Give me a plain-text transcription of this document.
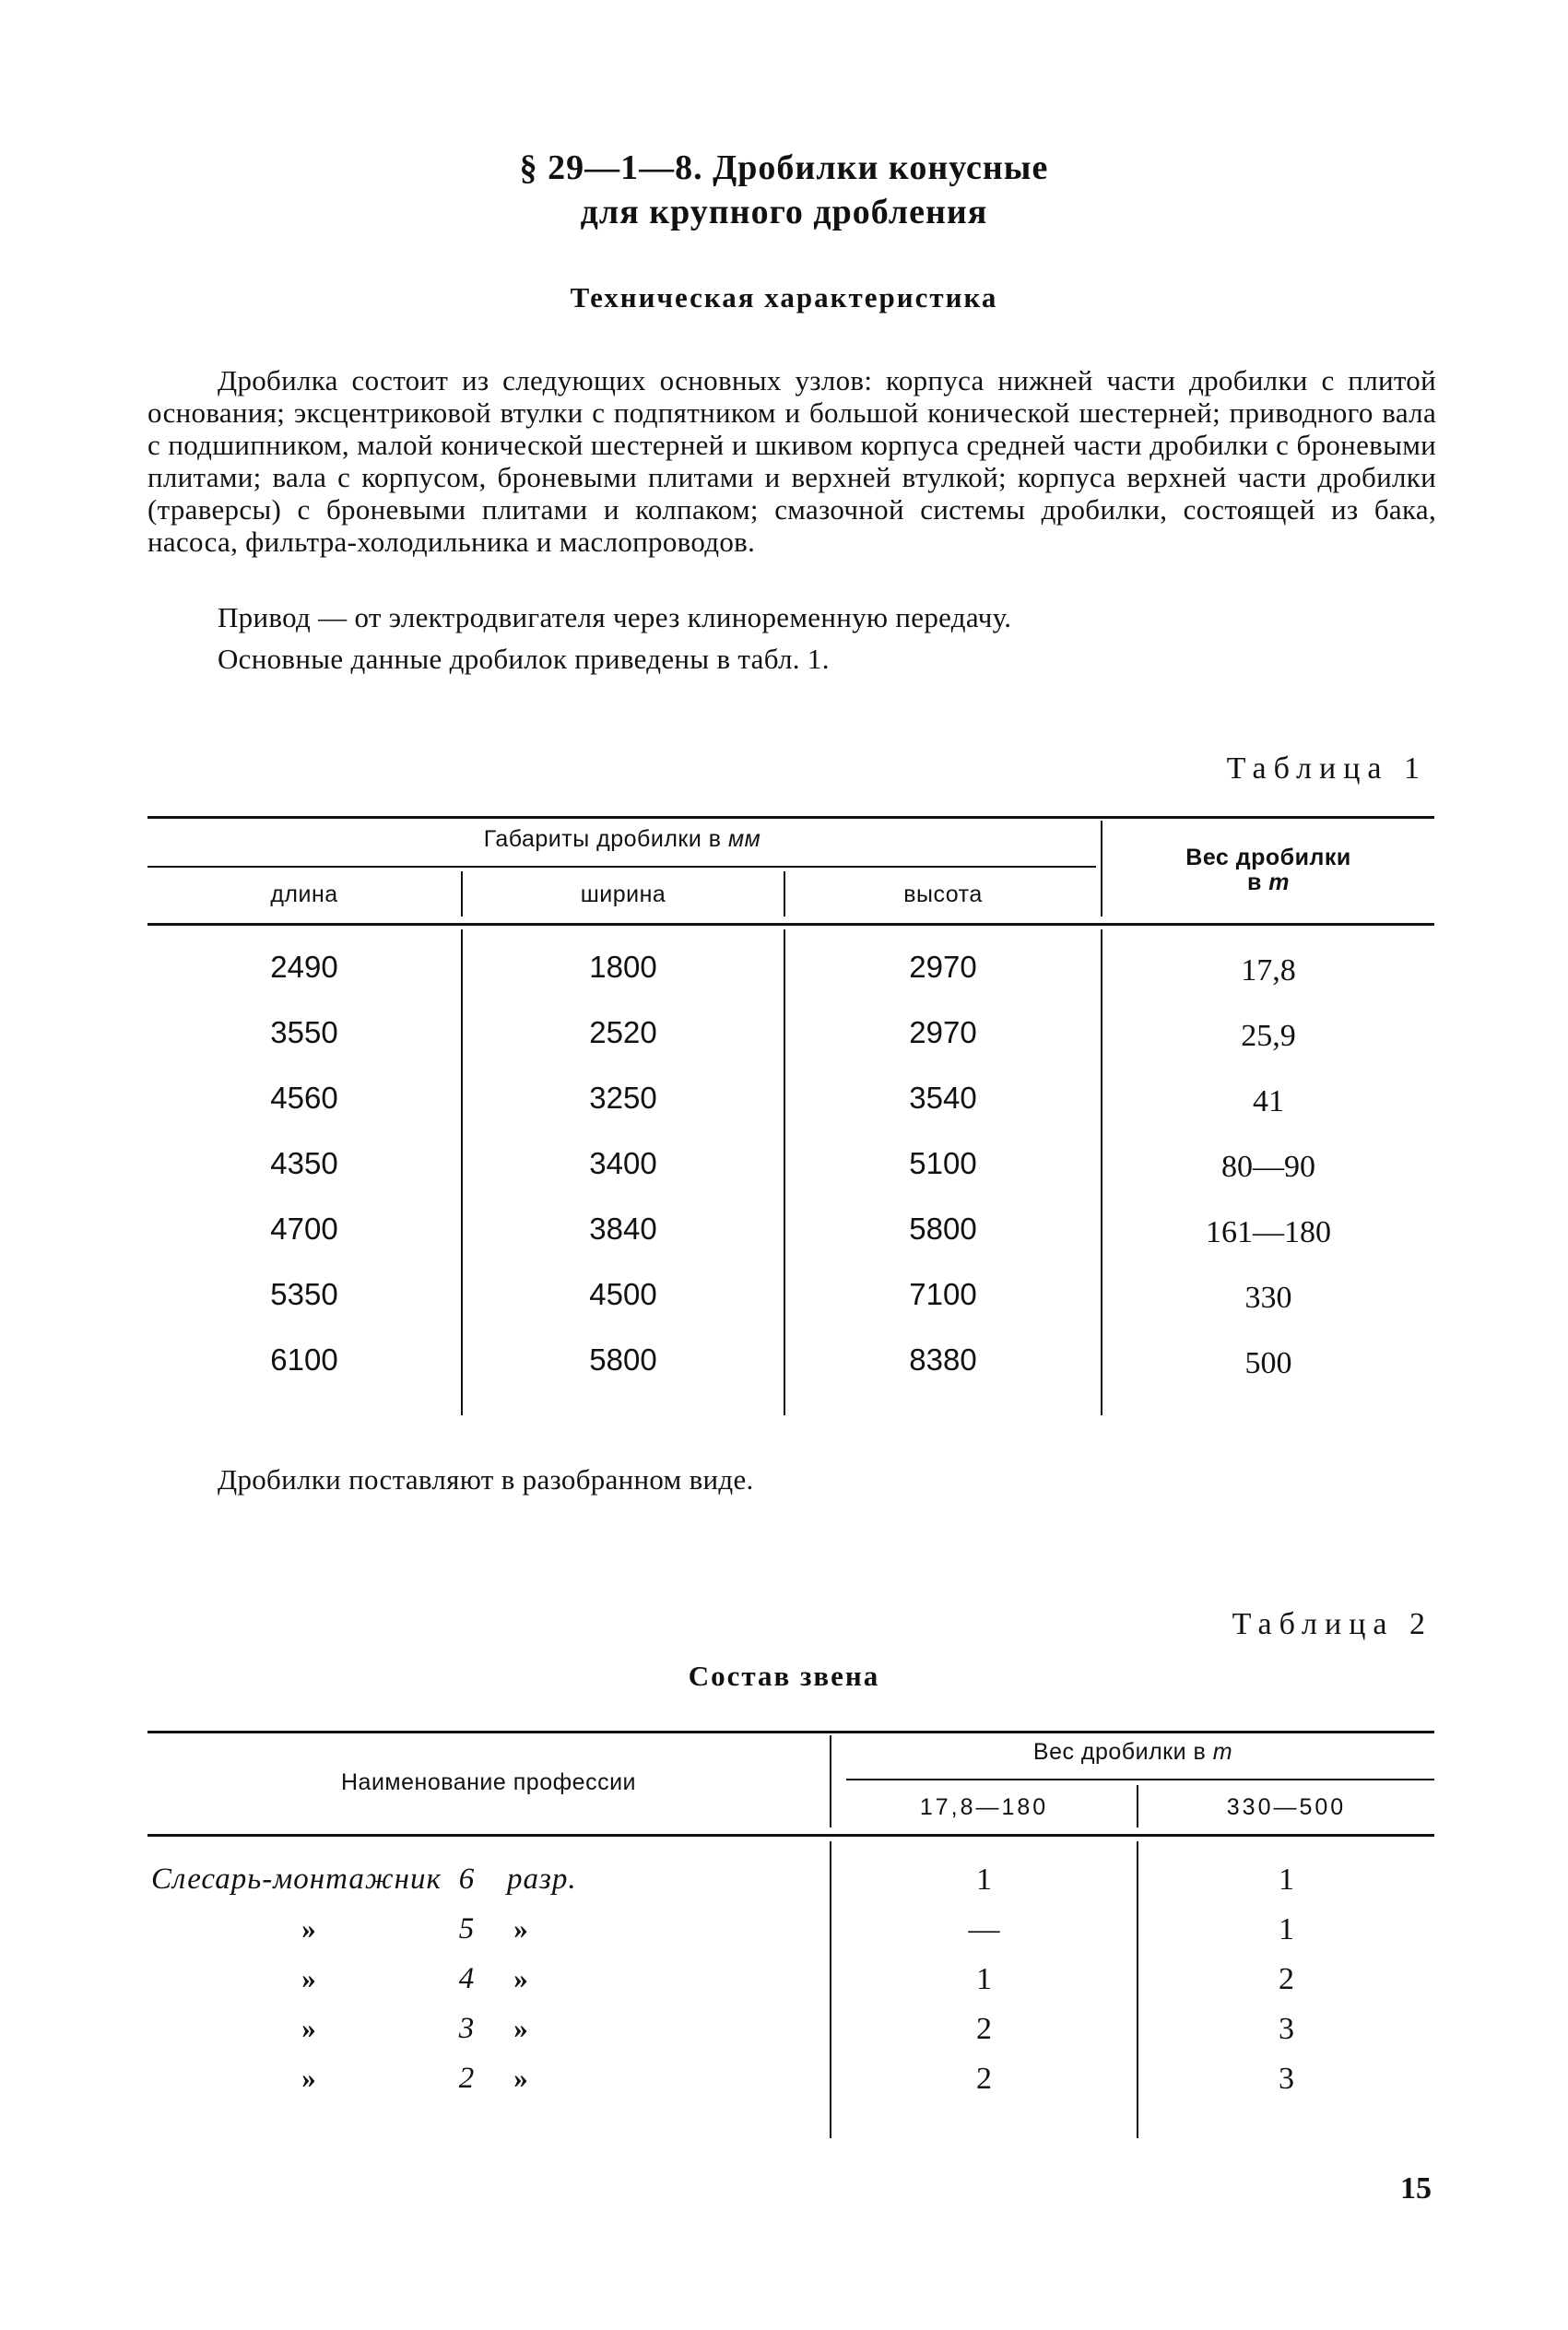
§ 29—1—8. Дробилки конусные
для крупного дробления
Техническая характеристика
Дробилка состоит из следующих основных узлов: корпуса нижней части дробилки с плитой основания; эксцентриковой втулки с подпятником и большой конической шестерней; приводного вала с подшипником, малой конической шестерней и шкивом корпуса средней части дробилки с броневыми плитами; вала с корпусом, броневыми плитами и верхней втулкой; корпуса верхней части дробилки (траверсы) с броневыми плитами и колпаком; смазочной системы дробилки, состоящей из бака, насоса, фильтра-холодильника и маслопроводов.
Привод — от электродвигателя через клиноременную передачу.
Основные данные дробилок приведены в табл. 1.
Таблица 1
Габариты дробилки в мм
длина	ширина	высота
Вес дробилки
в т
2490	1800	2970	17,8
3550	2520	2970	25,9
4560	3250	3540	41
4350	3400	5100	80—90
4700	3840	5800	161—180
5350	4500	7100	330
6100	5800	8380	500
Дробилки поставляют в разобранном виде.
Таблица 2
Состав звена
Наименование профессии
Вес дробилки в т
17,8—180	330—500
Слесарь-монтажник 6	разр.	1	1
»	5	»	—	1
»	4	»	1	2
»	3	»	2	3
»	2	»	2	3
15
